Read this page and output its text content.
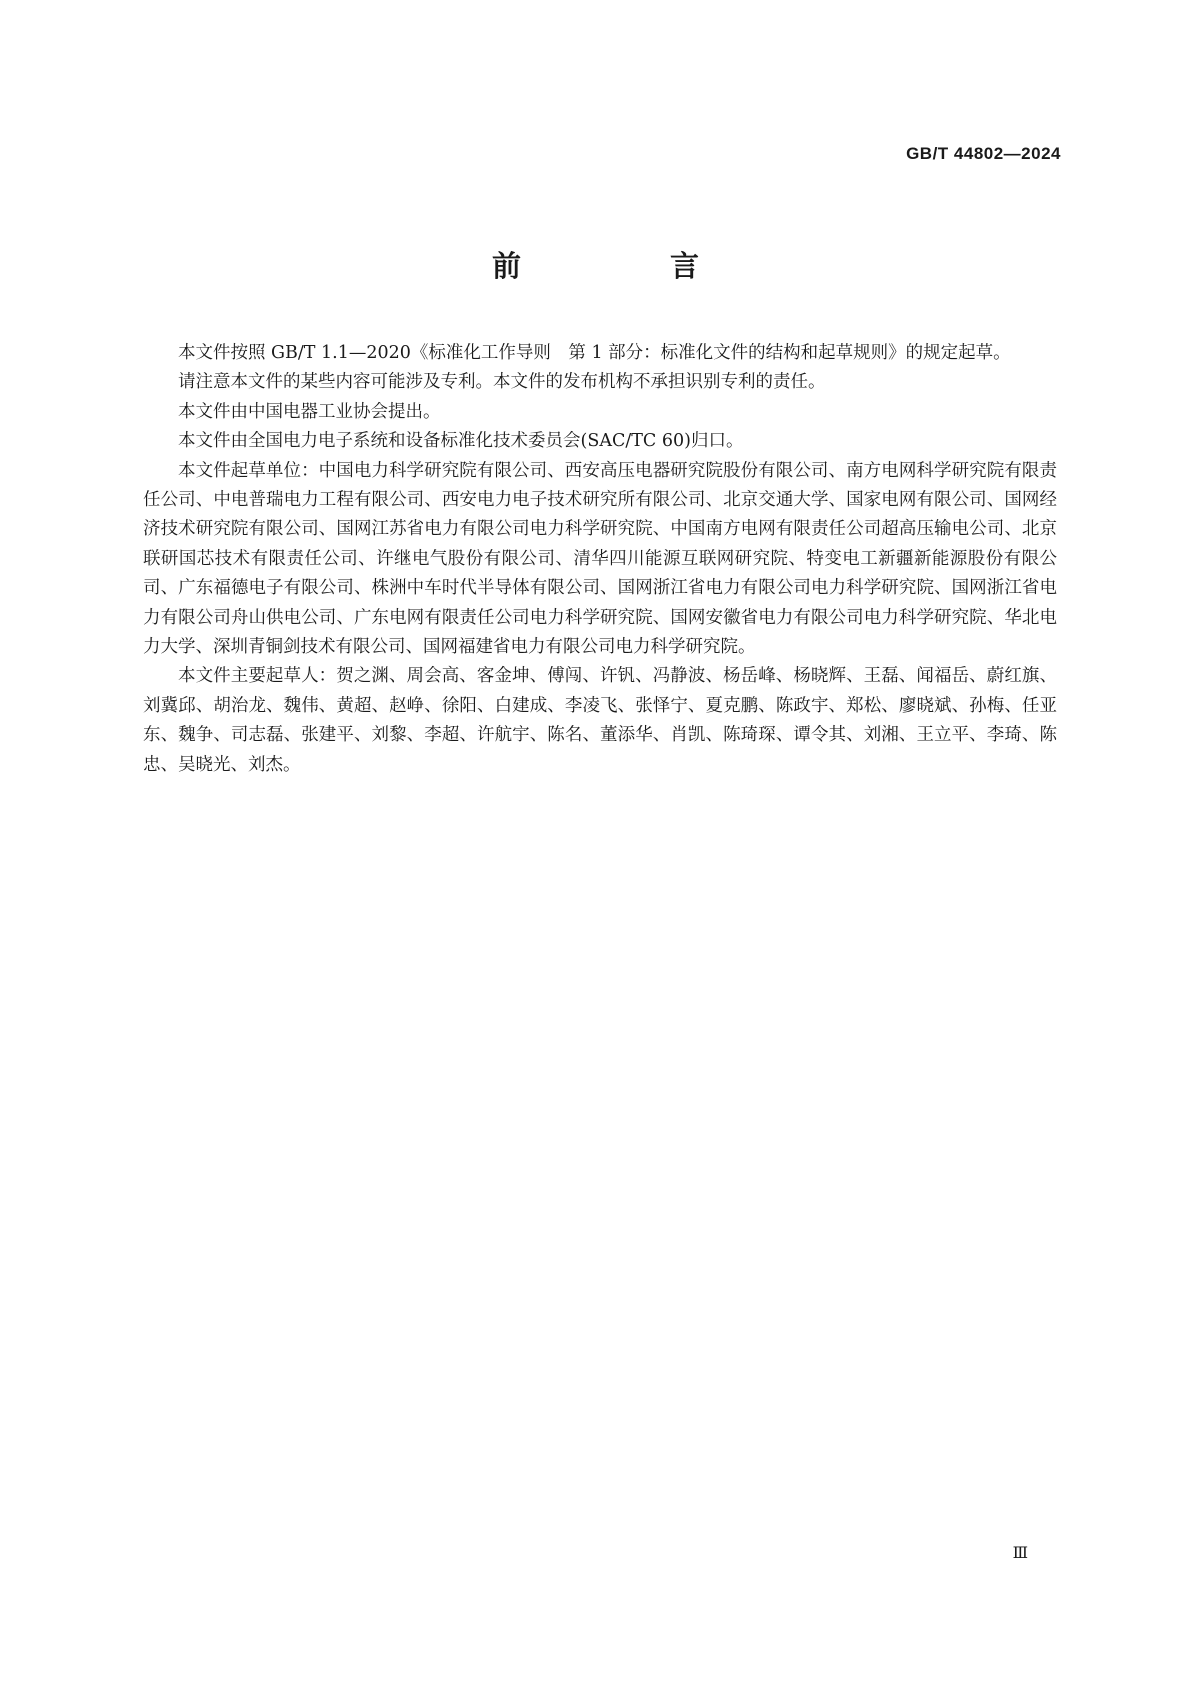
GB/T 44802—2024
前　言

本文件按照 GB/T 1.1—2020《标准化工作导则　第 1 部分：标准化文件的结构和起草规则》的规定起草。

请注意本文件的某些内容可能涉及专利。本文件的发布机构不承担识别专利的责任。

本文件由中国电器工业协会提出。

本文件由全国电力电子系统和设备标准化技术委员会(SAC/TC 60)归口。

本文件起草单位：中国电力科学研究院有限公司、西安高压电器研究院股份有限公司、南方电网科学研究院有限责任公司、中电普瑞电力工程有限公司、西安电力电子技术研究所有限公司、北京交通大学、国家电网有限公司、国网经济技术研究院有限公司、国网江苏省电力有限公司电力科学研究院、中国南方电网有限责任公司超高压输电公司、北京联研国芯技术有限责任公司、许继电气股份有限公司、清华四川能源互联网研究院、特变电工新疆新能源股份有限公司、广东福德电子有限公司、株洲中车时代半导体有限公司、国网浙江省电力有限公司电力科学研究院、国网浙江省电力有限公司舟山供电公司、广东电网有限责任公司电力科学研究院、国网安徽省电力有限公司电力科学研究院、华北电力大学、深圳青铜剑技术有限公司、国网福建省电力有限公司电力科学研究院。

本文件主要起草人：贺之渊、周会高、客金坤、傅闯、许钒、冯静波、杨岳峰、杨晓辉、王磊、闻福岳、蔚红旗、刘冀邱、胡治龙、魏伟、黄超、赵峥、徐阳、白建成、李凌飞、张怿宁、夏克鹏、陈政宇、郑松、廖晓斌、孙梅、任亚东、魏争、司志磊、张建平、刘黎、李超、许航宇、陈名、董添华、肖凯、陈琦琛、谭令其、刘湘、王立平、李琦、陈忠、吴晓光、刘杰。

Ⅲ
